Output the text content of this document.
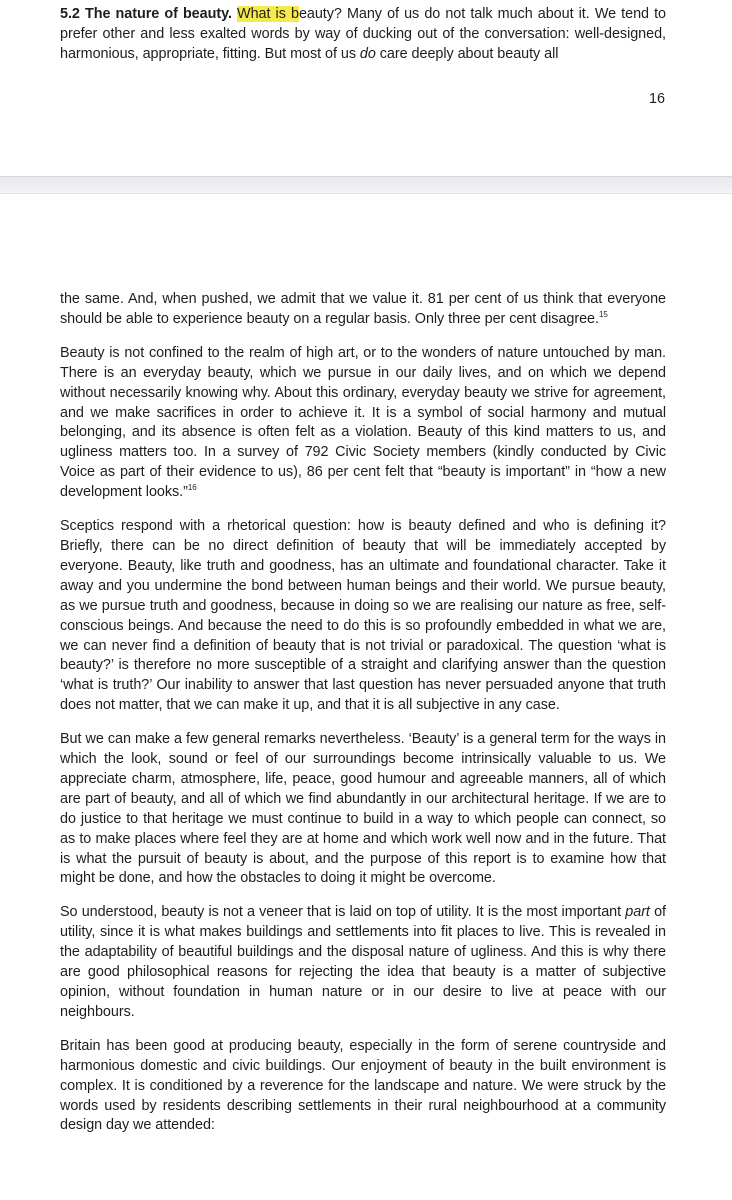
5.2 The nature of beauty. What is beauty? Many of us do not talk much about it. We tend to prefer other and less exalted words by way of ducking out of the conversation: well-designed, harmonious, appropriate, fitting. But most of us do care deeply about beauty all

16

the same. And, when pushed, we admit that we value it. 81 per cent of us think that everyone should be able to experience beauty on a regular basis. Only three per cent disagree.$^{15}$

Beauty is not confined to the realm of high art, or to the wonders of nature untouched by man. There is an everyday beauty, which we pursue in our daily lives, and on which we depend without necessarily knowing why. About this ordinary, everyday beauty we strive for agreement, and we make sacrifices in order to achieve it. It is a symbol of social harmony and mutual belonging, and its absence is often felt as a violation. Beauty of this kind matters to us, and ugliness matters too. In a survey of 792 Civic Society members (kindly conducted by Civic Voice as part of their evidence to us), 86 per cent felt that “beauty is important” in “how a new development looks.”$^{16}$

Sceptics respond with a rhetorical question: how is beauty defined and who is defining it? Briefly, there can be no direct definition of beauty that will be immediately accepted by everyone. Beauty, like truth and goodness, has an ultimate and foundational character. Take it away and you undermine the bond between human beings and their world. We pursue beauty, as we pursue truth and goodness, because in doing so we are realising our nature as free, self-conscious beings. And because the need to do this is so profoundly embedded in what we are, we can never find a definition of beauty that is not trivial or paradoxical. The question ‘what is beauty?’ is therefore no more susceptible of a straight and clarifying answer than the question ‘what is truth?’ Our inability to answer that last question has never persuaded anyone that truth does not matter, that we can make it up, and that it is all subjective in any case.

But we can make a few general remarks nevertheless. ‘Beauty’ is a general term for the ways in which the look, sound or feel of our surroundings become intrinsically valuable to us. We appreciate charm, atmosphere, life, peace, good humour and agreeable manners, all of which are part of beauty, and all of which we find abundantly in our architectural heritage. If we are to do justice to that heritage we must continue to build in a way to which people can connect, so as to make places where feel they are at home and which work well now and in the future. That is what the pursuit of beauty is about, and the purpose of this report is to examine how that might be done, and how the obstacles to doing it might be overcome.

So understood, beauty is not a veneer that is laid on top of utility. It is the most important part of utility, since it is what makes buildings and settlements into fit places to live. This is revealed in the adaptability of beautiful buildings and the disposal nature of ugliness. And this is why there are good philosophical reasons for rejecting the idea that beauty is a matter of subjective opinion, without foundation in human nature or in our desire to live at peace with our neighbours.

Britain has been good at producing beauty, especially in the form of serene countryside and harmonious domestic and civic buildings. Our enjoyment of beauty in the built environment is complex. It is conditioned by a reverence for the landscape and nature. We were struck by the words used by residents describing settlements in their rural neighbourhood at a community design day we attended:
